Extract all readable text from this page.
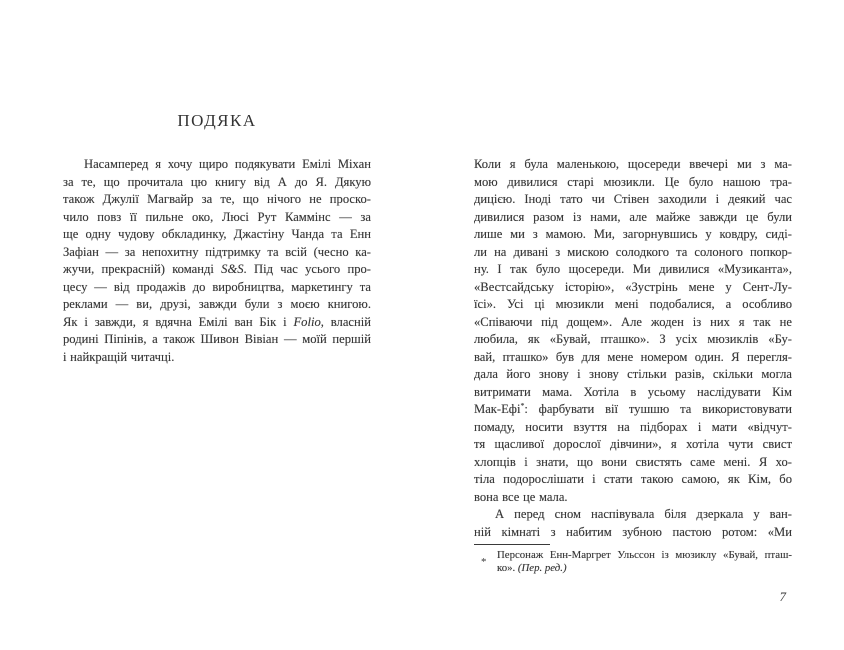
ПОДЯКА
Насамперед я хочу щиро подякувати Емілі Міхан
за те, що прочитала цю книгу від А до Я. Дякую
також Джулії Магвайр за те, що нічого не проско-
чило повз її пильне око, Люсі Рут Каммінс — за
ще одну чудову обкладинку, Джастіну Чанда та Енн
Зафіан — за непохитну підтримку та всій (чесно ка-
жучи, прекрасній) команді S&S. Під час усього про-
цесу — від продажів до виробництва, маркетингу та
реклами — ви, друзі, завжди були з моєю книгою.
Як і завжди, я вдячна Емілі ван Бік і Folio, власній
родині Піпінів, а також Шивон Вівіан — моїй першій
і найкращій читачці.
Коли я була маленькою, щосереди ввечері ми з ма-
мою дивилися старі мюзикли. Це було нашою тра-
дицією. Іноді тато чи Стівен заходили і деякий час
дивилися разом із нами, але майже завжди це були
лише ми з мамою. Ми, загорнувшись у ковдру, сиді-
ли на дивані з мискою солодкого та солоного попкор-
ну. І так було щосереди. Ми дивилися «Музиканта»,
«Вестсайдську історію», «Зустрінь мене у Сент-Лу-
їсі». Усі ці мюзикли мені подобалися, а особливо
«Співаючи під дощем». Але жоден із них я так не
любила, як «Бувай, пташко». З усіх мюзиклів «Бу-
вай, пташко» був для мене номером один. Я перегля-
дала його знову і знову стільки разів, скільки могла
витримати мама. Хотіла в усьому наслідувати Кім
Мак-Ефі*: фарбувати вії тушшю та використовувати
помаду, носити взуття на підборах і мати «відчут-
тя щасливої дорослої дівчини», я хотіла чути свист
хлопців і знати, що вони свистять саме мені. Я хо-
тіла подорослішати і стати такою самою, як Кім, бо
вона все це мала.
А перед сном наспівувала біля дзеркала у ван-
ній кімнаті з набитим зубною пастою ротом: «Ми
*
Персонаж Енн-Маргрет Ульссон із мюзиклу «Бувай, пташ-
ко». (Пер. ред.)
7
